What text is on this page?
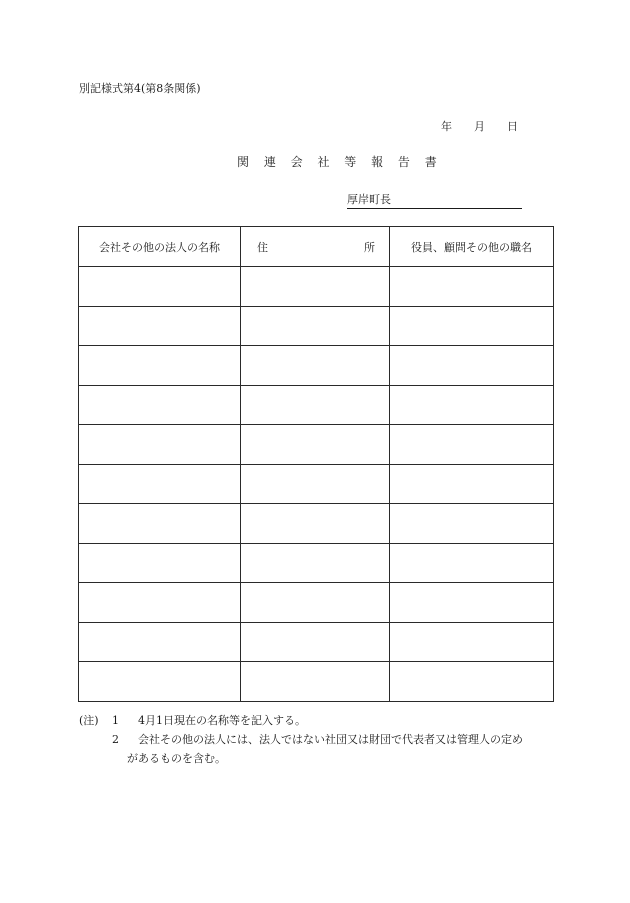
別記様式第4(第8条関係)
年 月 日
関 連 会 社 等 報 告 書
厚岸町長
会社その他の法人の名称	住 所	役員、顧問その他の職名

(注) 1 4月1日現在の名称等を記入する。
2 会社その他の法人には、法人ではない社団又は財団で代表者又は管理人の定め
があるものを含む。
